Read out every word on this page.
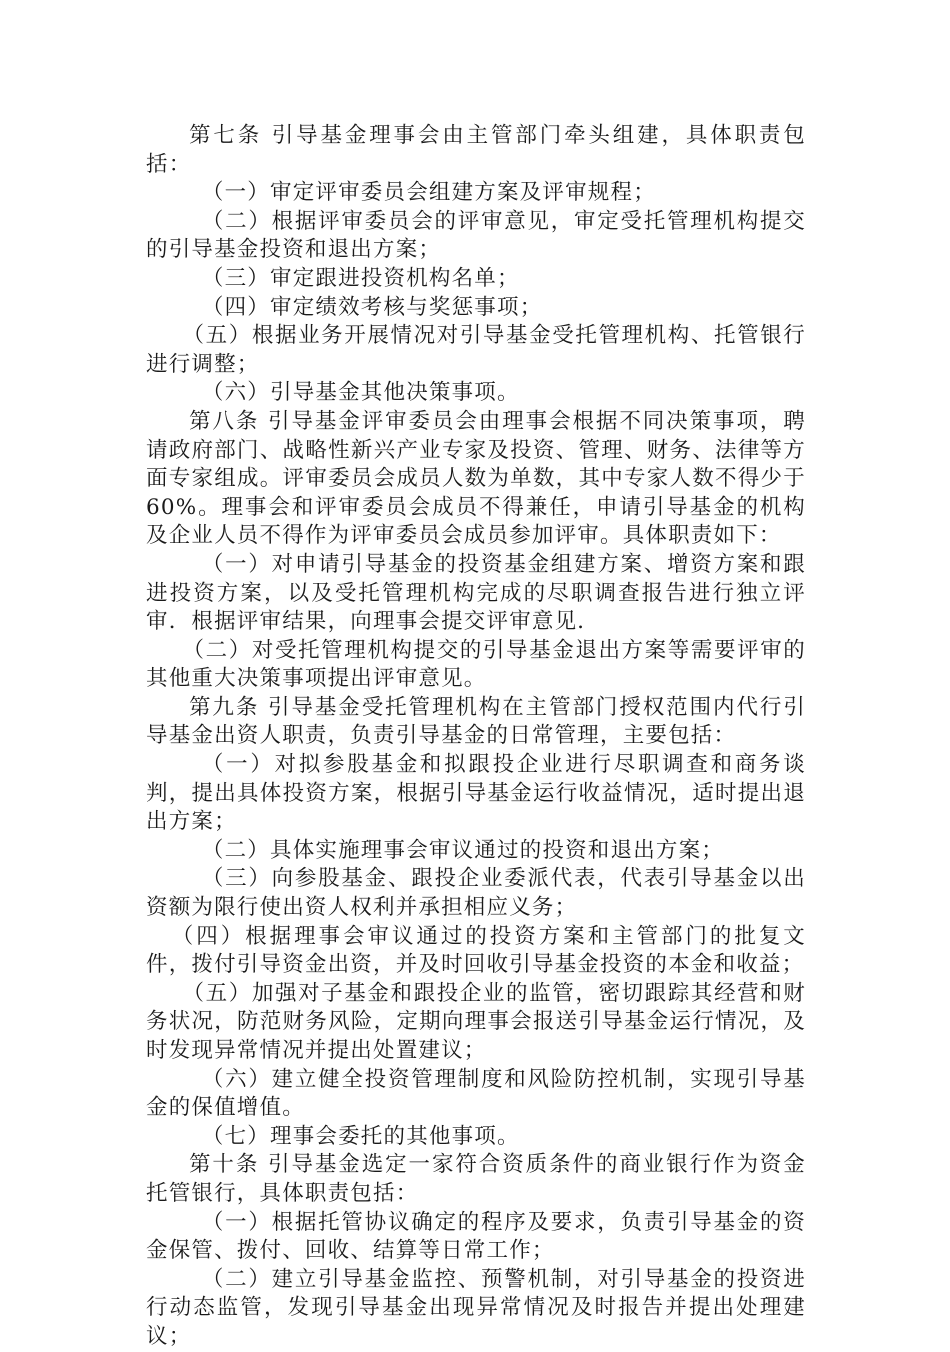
第七条 引导基金理事会由主管部门牵头组建，具体职责包括：

（一）审定评审委员会组建方案及评审规程；

（二）根据评审委员会的评审意见，审定受托管理机构提交的引导基金投资和退出方案；

（三）审定跟进投资机构名单；

（四）审定绩效考核与奖惩事项；

（五）根据业务开展情况对引导基金受托管理机构、托管银行进行调整；

（六）引导基金其他决策事项。

第八条 引导基金评审委员会由理事会根据不同决策事项，聘请政府部门、战略性新兴产业专家及投资、管理、财务、法律等方面专家组成。评审委员会成员人数为单数，其中专家人数不得少于60%。理事会和评审委员会成员不得兼任，申请引导基金的机构及企业人员不得作为评审委员会成员参加评审。具体职责如下：

（一）对申请引导基金的投资基金组建方案、增资方案和跟进投资方案，以及受托管理机构完成的尽职调查报告进行独立评审．根据评审结果，向理事会提交评审意见．

（二）对受托管理机构提交的引导基金退出方案等需要评审的其他重大决策事项提出评审意见。

第九条 引导基金受托管理机构在主管部门授权范围内代行引导基金出资人职责，负责引导基金的日常管理，主要包括：

（一）对拟参股基金和拟跟投企业进行尽职调查和商务谈判，提出具体投资方案，根据引导基金运行收益情况，适时提出退出方案；

（二）具体实施理事会审议通过的投资和退出方案；

（三）向参股基金、跟投企业委派代表，代表引导基金以出资额为限行使出资人权利并承担相应义务；

（四）根据理事会审议通过的投资方案和主管部门的批复文件，拨付引导资金出资，并及时回收引导基金投资的本金和收益；

（五）加强对子基金和跟投企业的监管，密切跟踪其经营和财务状况，防范财务风险，定期向理事会报送引导基金运行情况，及时发现异常情况并提出处置建议；

（六）建立健全投资管理制度和风险防控机制，实现引导基金的保值增值。

（七）理事会委托的其他事项。

第十条 引导基金选定一家符合资质条件的商业银行作为资金托管银行，具体职责包括：

（一）根据托管协议确定的程序及要求，负责引导基金的资金保管、拨付、回收、结算等日常工作；

（二）建立引导基金监控、预警机制，对引导基金的投资进行动态监管，发现引导基金出现异常情况及时报告并提出处理建议；
